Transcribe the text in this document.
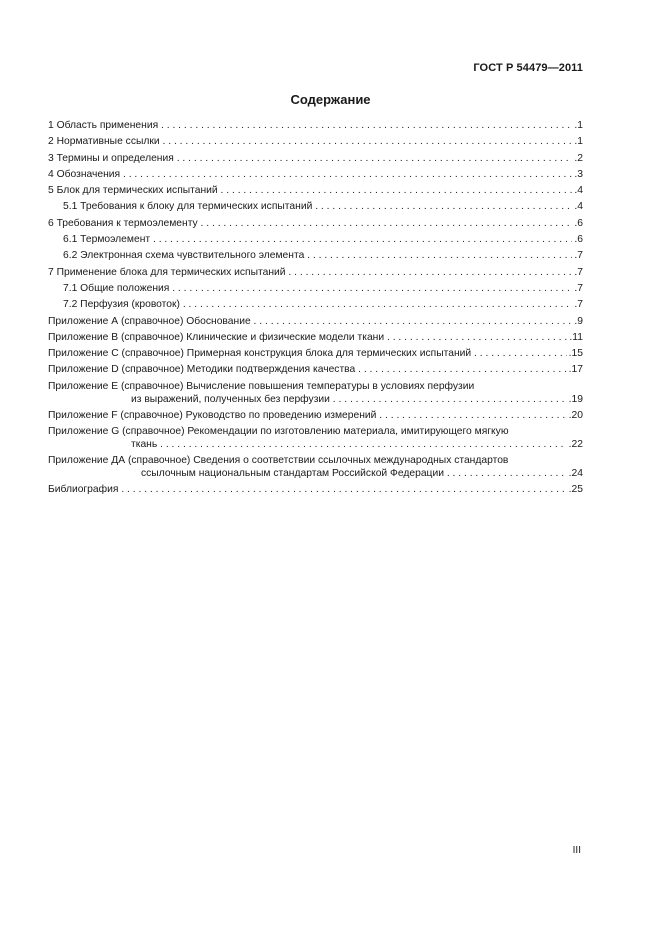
ГОСТ Р 54479—2011
Содержание
1 Область применения . . .	.1
2 Нормативные ссылки . . .	.1
3 Термины и определения . . .	.2
4 Обозначения . . .	.3
5 Блок для термических испытаний . . .	.4
5.1 Требования к блоку для термических испытаний . . .	.4
6 Требования к термоэлементу . . .	.6
6.1 Термоэлемент . . .	.6
6.2 Электронная схема чувствительного элемента . . .	.7
7 Применение блока для термических испытаний . . .	.7
7.1 Общие положения . . .	.7
7.2 Перфузия (кровоток) . . .	.7
Приложение А (справочное) Обоснование . . .	.9
Приложение В (справочное) Клинические и физические модели ткани . . .	.11
Приложение С (справочное) Примерная конструкция блока для термических испытаний . . .	.15
Приложение D (справочное) Методики подтверждения качества . . .	.17
Приложение Е (справочное) Вычисление повышения температуры в условиях перфузии
из выражений, полученных без перфузии . . .	.19
Приложение F (справочное) Руководство по проведению измерений . . .	.20
Приложение G (справочное) Рекомендации по изготовлению материала, имитирующего мягкую
ткань . . .	.22
Приложение ДА (справочное) Сведения о соответствии ссылочных международных стандартов
ссылочным национальным стандартам Российской Федерации . . .	.24
Библиография . . .	.25
III
